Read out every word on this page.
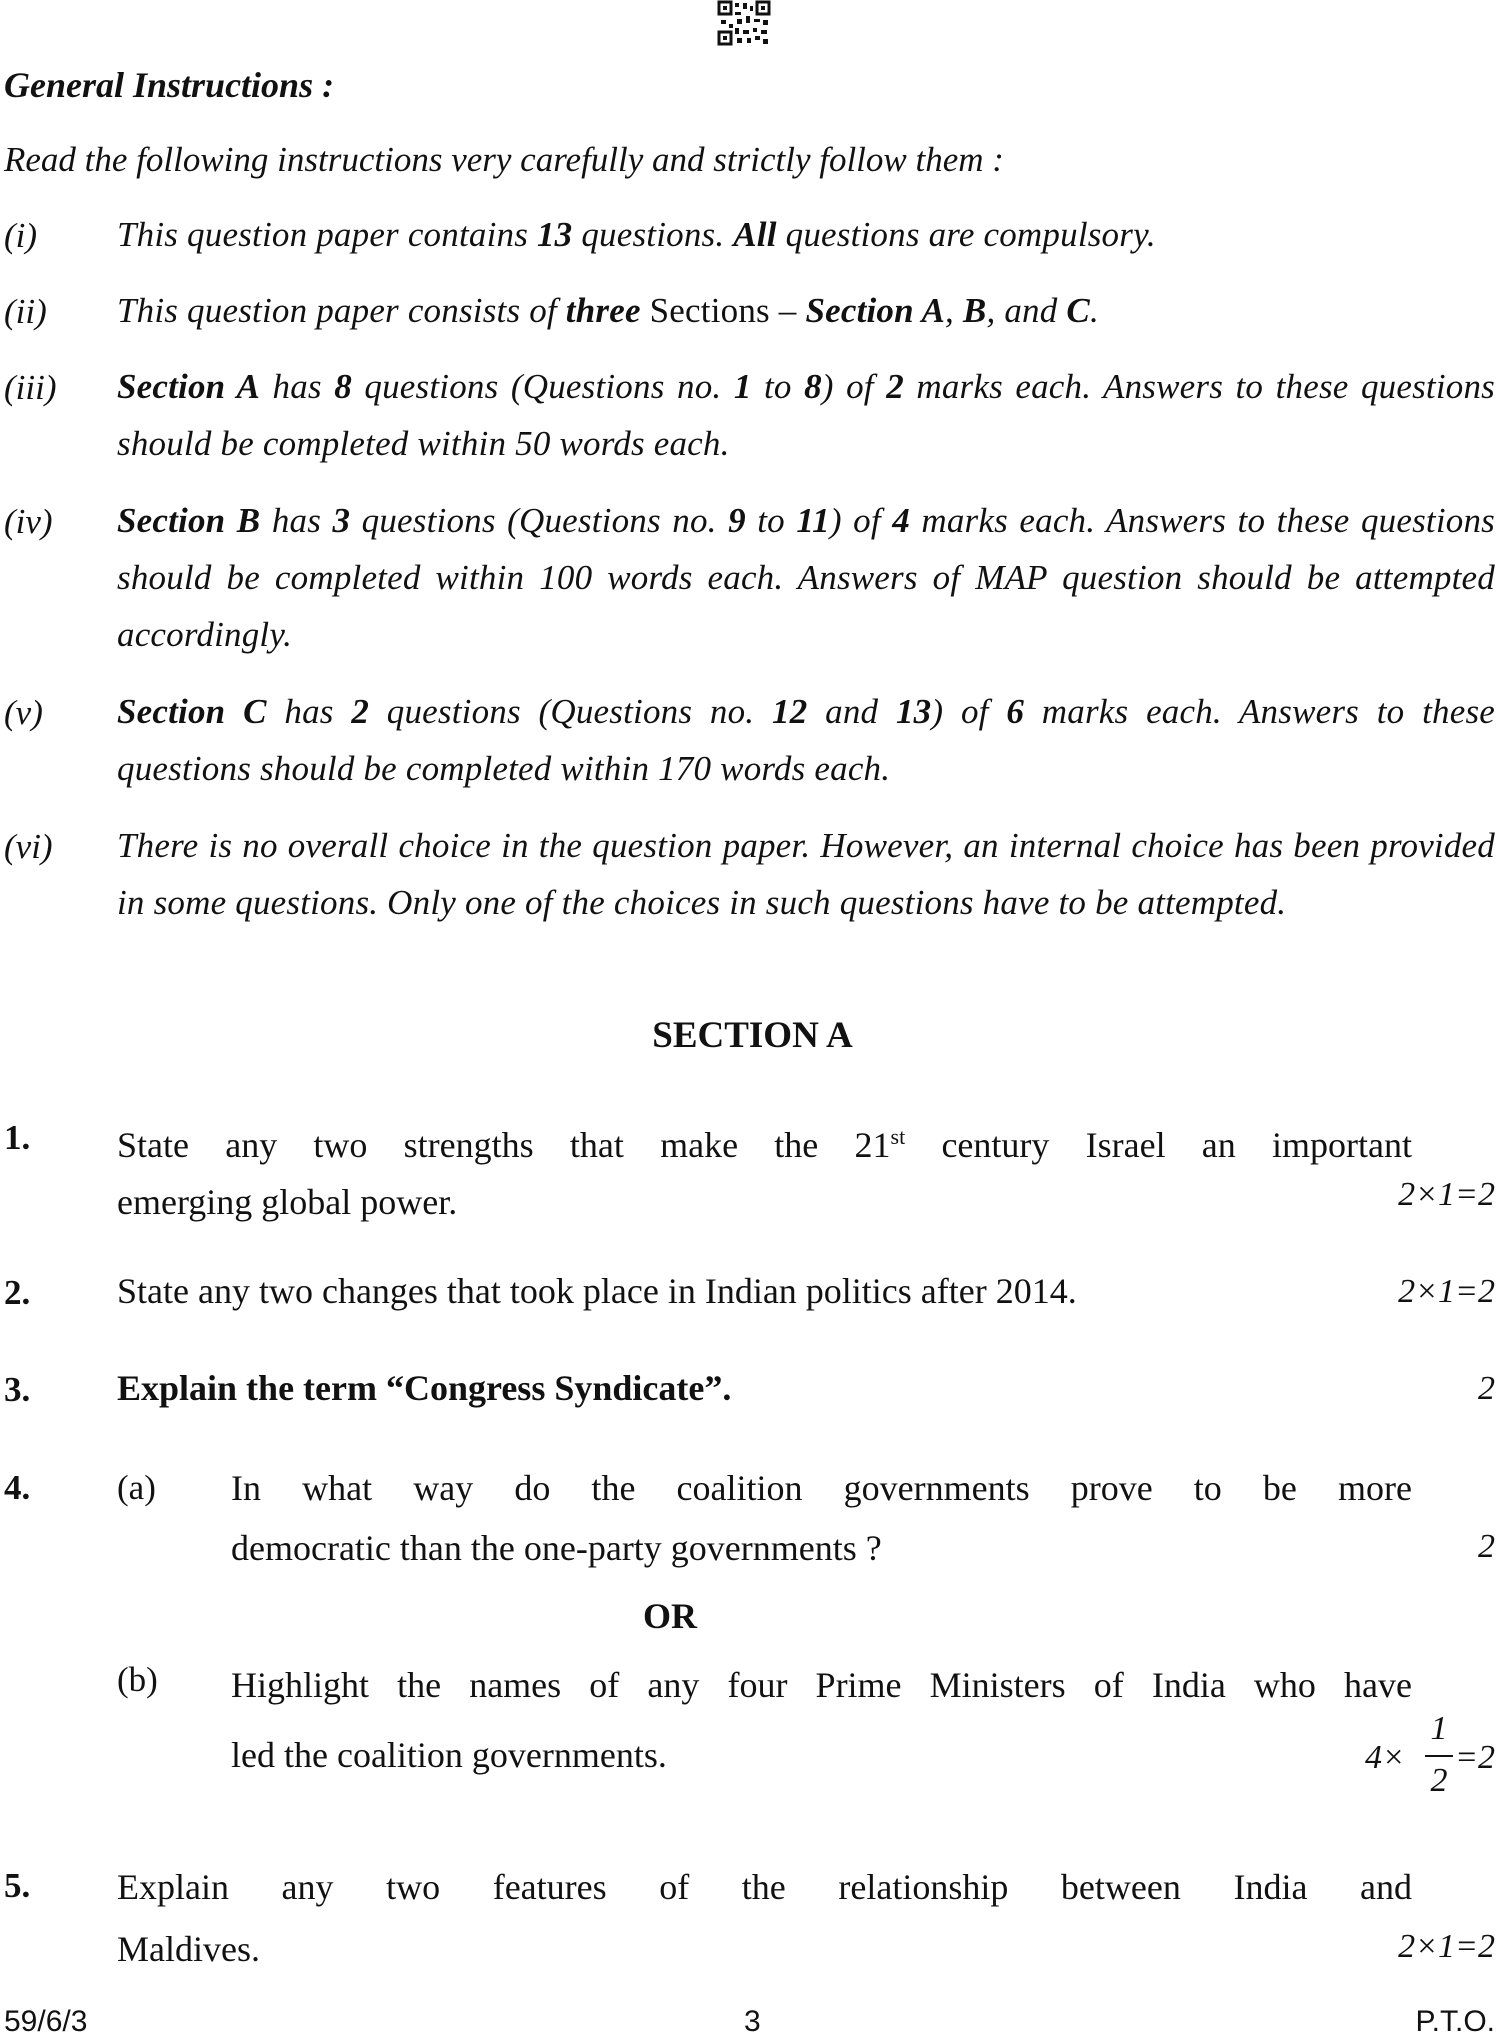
General Instructions :
Read the following instructions very carefully and strictly follow them :
(i) This question paper contains 13 questions. All questions are compulsory.
(ii) This question paper consists of three Sections – Section A, B, and C.
(iii) Section A has 8 questions (Questions no. 1 to 8) of 2 marks each. Answers to these questions should be completed within 50 words each.
(iv) Section B has 3 questions (Questions no. 9 to 11) of 4 marks each. Answers to these questions should be completed within 100 words each. Answers of MAP question should be attempted accordingly.
(v) Section C has 2 questions (Questions no. 12 and 13) of 6 marks each. Answers to these questions should be completed within 170 words each.
(vi) There is no overall choice in the question paper. However, an internal choice has been provided in some questions. Only one of the choices in such questions have to be attempted.
SECTION A
1. State any two strengths that make the 21st century Israel an important
emerging global power.	2×1=2
2. State any two changes that took place in Indian politics after 2014.	2×1=2
3. Explain the term “Congress Syndicate”.	2
4. (a) In what way do the coalition governments prove to be more
democratic than the one-party governments ?	2
OR
(b) Highlight the names of any four Prime Ministers of India who have
led the coalition governments.	4×
1
2
=2
5. Explain any two features of the relationship between India and
Maldives.	2×1=2
59/6/3	3	P.T.O.
